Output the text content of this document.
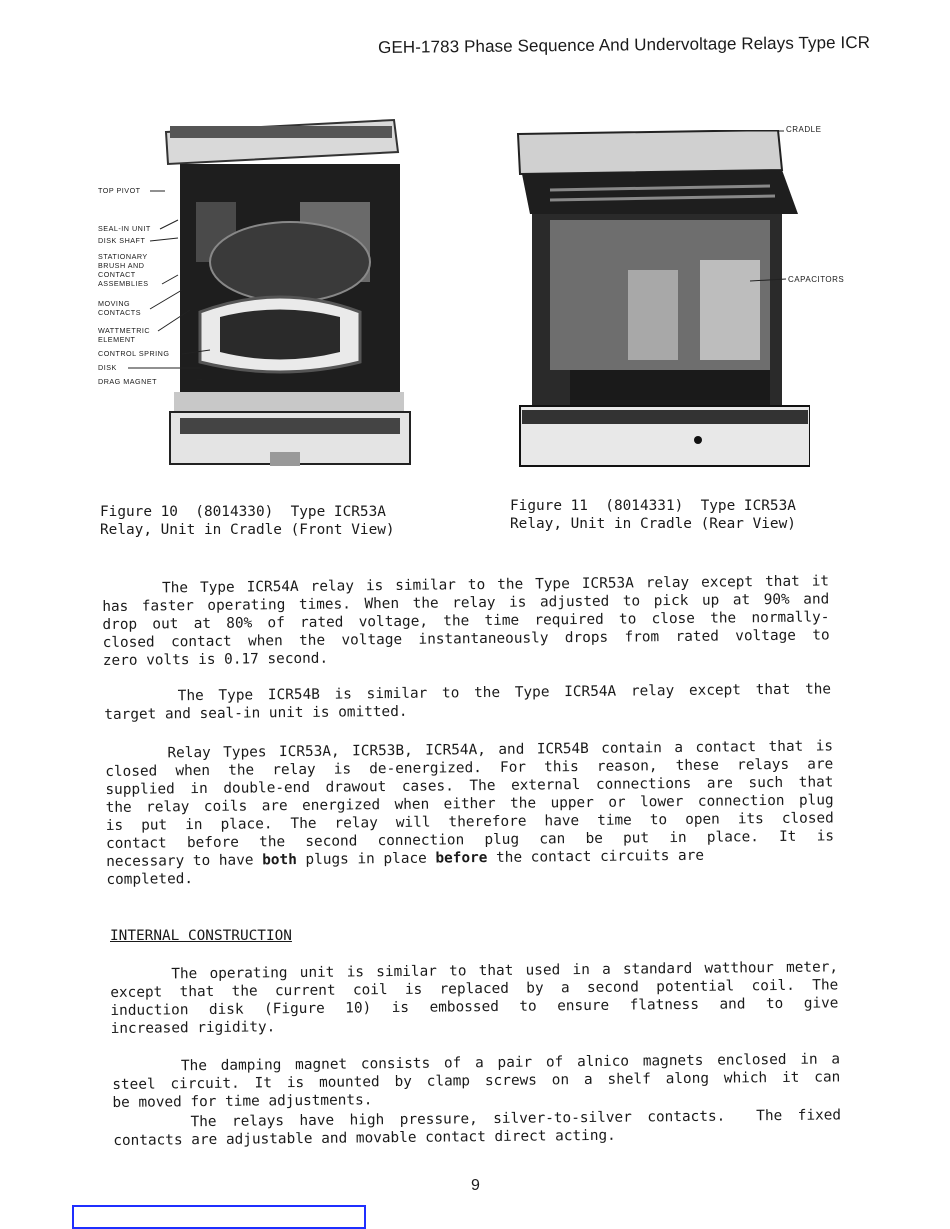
GEH-1783 Phase Sequence And Undervoltage Relays Type ICR
TOP PIVOT
SEAL-IN UNIT
DISK SHAFT
STATIONARY
BRUSH AND
CONTACT
ASSEMBLIES
MOVING
CONTACTS
WATTMETRIC
ELEMENT
CONTROL SPRING
DISK
DRAG MAGNET
CRADLE
CAPACITORS
Figure 10  (8014330)  Type ICR53A
Relay, Unit in Cradle (Front View)
Figure 11  (8014331)  Type ICR53A
Relay, Unit in Cradle (Rear View)
The Type ICR54A relay is similar to the Type ICR53A relay except that it
has faster operating times. When the relay is adjusted to pick up at 90% and
drop out at 80% of rated voltage, the time required to close the normally-
closed contact when the voltage instantaneously drops from rated voltage to
zero volts is 0.17 second.
The Type ICR54B is similar to the Type ICR54A relay except that the
target and seal-in unit is omitted.
Relay Types ICR53A, ICR53B, ICR54A, and ICR54B contain a contact that is
closed when the relay is de-energized. For this reason, these relays are
supplied in double-end drawout cases. The external connections are such that
the relay coils are energized when either the upper or lower connection plug
is put in place. The relay will therefore have time to open its closed
contact before the second connection plug can be put in place. It is
necessary to have both plugs in place before the contact circuits are
completed.
INTERNAL CONSTRUCTION
The operating unit is similar to that used in a standard watthour meter,
except that the current coil is replaced by a second potential coil. The
induction disk (Figure 10) is embossed to ensure flatness and to give
increased rigidity.
The damping magnet consists of a pair of alnico magnets enclosed in a
steel circuit. It is mounted by clamp screws on a shelf along which it can
be moved for time adjustments.
The relays have high pressure, silver-to-silver contacts.  The fixed
contacts are adjustable and movable contact direct acting.
9
